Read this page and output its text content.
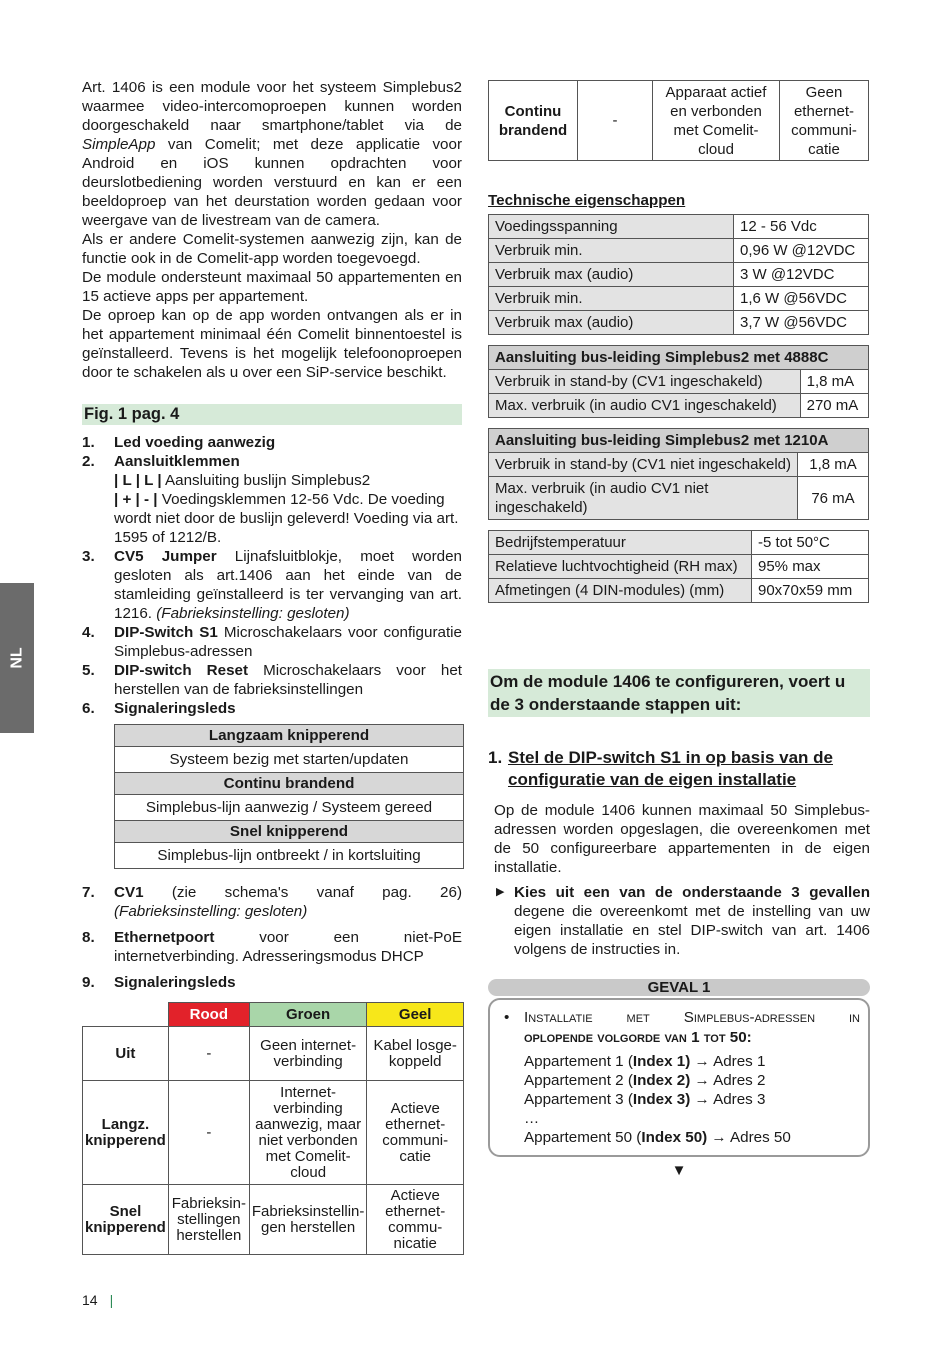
NL

Art. 1406 is een module voor het systeem Simplebus2 waarmee video-intercomoproepen kunnen worden doorgeschakeld naar smartphone/tablet via de SimpleApp van Comelit; met deze applicatie voor Android en iOS kunnen opdrachten voor deurslotbediening worden verstuurd en kan er een beeldoproep van het deurstation worden gedaan voor weergave van de livestream van de camera.

Als er andere Comelit-systemen aanwezig zijn, kan de functie ook in de Comelit-app worden toegevoegd.

De module ondersteunt maximaal 50 appartementen en 15 actieve apps per appartement.

De oproep kan op de app worden ontvangen als er in het appartement minimaal één Comelit binnentoestel is geïnstalleerd. Tevens is het mogelijk telefoonoproepen door te schakelen als u over een SiP-service beschikt.

Fig. 1 pag. 4
1. Led voeding aanwezig
2. Aansluitklemmen
| L | L | Aansluiting buslijn Simplebus2
| + | - | Voedingsklemmen 12-56 Vdc. De voeding wordt niet door de buslijn geleverd! Voeding via art. 1595 of 1212/B.
3. CV5 Jumper Lijnafsluitblokje, moet worden gesloten als art.1406 aan het einde van de stamleiding geïnstalleerd is ter vervanging van art. 1216. (Fabrieksinstelling: gesloten)
4. DIP-Switch S1 Microschakelaars voor configuratie Simplebus-adressen
5. DIP-switch Reset Microschakelaars voor het herstellen van de fabrieksinstellingen
6. Signaleringsleds
Langzaam knipperend
Systeem bezig met starten/updaten
Continu brandend
Simplebus-lijn aanwezig / Systeem gereed
Snel knipperend
Simplebus-lijn ontbreekt / in kortsluiting
7. CV1 (zie schema's vanaf pag. 26) (Fabrieksinstelling: gesloten)
8. Ethernetpoort voor een niet-PoE internetverbinding. Adresseringsmodus DHCP
9. Signaleringsleds
	Rood	Groen	Geel
Uit	-	Geen internet-verbinding	Kabel losge-koppeld
Langz. knipperend	-	Internet-verbinding aanwezig, maar niet verbonden met Comelit-cloud	Actieve ethernet-communi-catie
Snel knipperend	Fabrieksin-stellingen herstellen	Fabrieksinstellin-gen herstellen	Actieve ethernet-commu-nicatie
Continu brandend	-	Apparaat actief en verbonden met Comelit-cloud	Geen ethernet-communi-catie
Technische eigenschappen
Voedingsspanning	12 - 56 Vdc
Verbruik min.	0,96 W @12VDC
Verbruik max (audio)	3 W @12VDC
Verbruik min.	1,6 W @56VDC
Verbruik max (audio)	3,7 W @56VDC
Aansluiting bus-leiding Simplebus2 met 4888C	
Verbruik in stand-by (CV1 ingeschakeld)	1,8 mA
Max. verbruik (in audio CV1 ingeschakeld)	270 mA
Aansluiting bus-leiding Simplebus2 met 1210A	
Verbruik in stand-by (CV1 niet ingeschakeld)	1,8 mA
Max. verbruik (in audio CV1 niet ingeschakeld)	76 mA
Bedrijfstemperatuur	-5 tot 50°C
Relatieve luchtvochtigheid (RH max)	95% max
Afmetingen (4 DIN-modules) (mm)	90x70x59 mm
Om de module 1406 te configureren, voert u de 3 onderstaande stappen uit:
1. Stel de DIP-switch S1 in op basis van de configuratie van de eigen installatie

Op de module 1406 kunnen maximaal 50 Simplebus-adressen worden opgeslagen, die overeenkomen met de 50 configureerbare appartementen in de eigen installatie.

▶ Kies uit een van de onderstaande 3 gevallen degene die overeenkomt met de instelling van uw eigen installatie en stel DIP-switch van art. 1406 volgens de instructies in.

GEVAL 1
• Installatie met Simplebus-adressen in
oplopende volgorde van 1 tot 50:
Appartement 1 (Index 1) → Adres 1
Appartement 2 (Index 2) → Adres 2
Appartement 3 (Index 3) → Adres 3
…
Appartement 50 (Index 50) → Adres 50
▼
14 |
